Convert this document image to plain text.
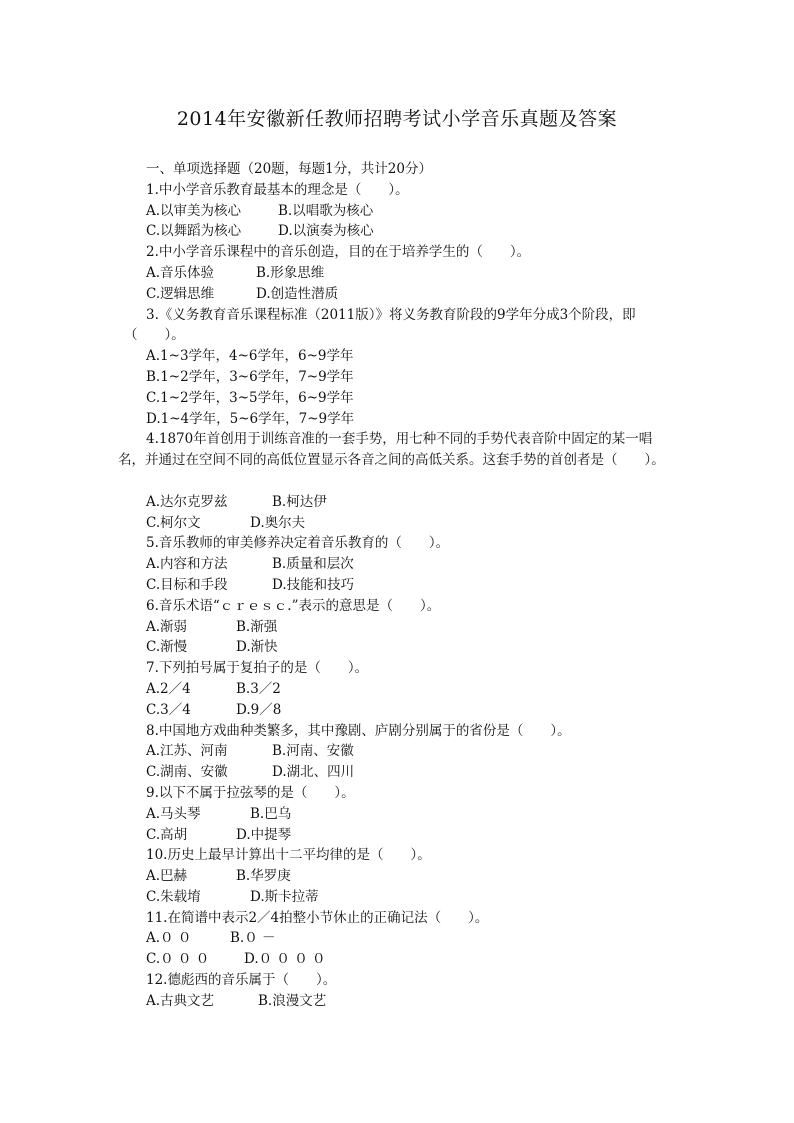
2014年安徽新任教师招聘考试小学音乐真题及答案
一、单项选择题（20题，每题1分，共计20分）
1.中小学音乐教育最基本的理念是（　　）。
A.以审美为核心	B.以唱歌为核心
C.以舞蹈为核心	D.以演奏为核心
2.中小学音乐课程中的音乐创造，目的在于培养学生的（　　）。
A.音乐体验	B.形象思维
C.逻辑思维	D.创造性潜质
3.《义务教育音乐课程标准（2011版）》将义务教育阶段的9学年分成3个阶段，即
（　　）。
A.1~3学年，4~6学年，6~9学年
B.1~2学年，3~6学年，7~9学年
C.1~2学年，3~5学年，6~9学年
D.1~4学年，5~6学年，7~9学年
4.1870年首创用于训练音准的一套手势，用七种不同的手势代表音阶中固定的某一唱
名，并通过在空间不同的高低位置显示各音之间的高低关系。这套手势的首创者是（　　）。
A.达尔克罗兹	B.柯达伊
C.柯尔文	D.奥尔夫
5.音乐教师的审美修养决定着音乐教育的（　　）。
A.内容和方法	B.质量和层次
C.目标和手段	D.技能和技巧
6.音乐术语“ｃｒｅｓｃ.”表示的意思是（　　）。
A.渐弱	B.渐强
C.渐慢	D.渐快
7.下列拍号属于复拍子的是（　　）。
A.2／4	B.3／2
C.3／4	D.9／8
8.中国地方戏曲种类繁多，其中豫剧、庐剧分别属于的省份是（　　）。
A.江苏、河南	B.河南、安徽
C.湖南、安徽	D.湖北、四川
9.以下不属于拉弦琴的是（　　）。
A.马头琴	B.巴乌
C.高胡	D.中提琴
10.历史上最早计算出十二平均律的是（　　）。
A.巴赫	B.华罗庚
C.朱载堉	D.斯卡拉蒂
11.在简谱中表示2／4拍整小节休止的正确记法（　　）。
A.０ ０	B.０ －
C.０ ０ ０	D.０ ０ ０ ０
12.德彪西的音乐属于（　　）。
A.古典文艺	B.浪漫文艺
